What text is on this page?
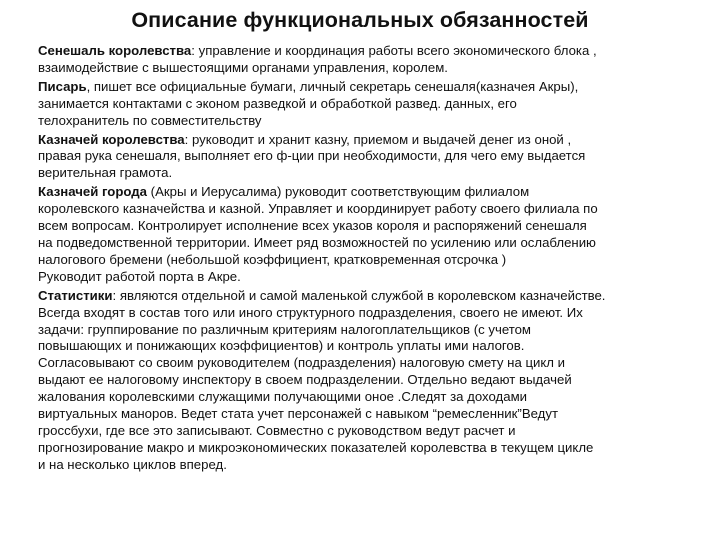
Описание функциональных обязанностей
Сенешаль королевства: управление и координация работы всего экономического блока ,
взаимодействие с вышестоящими органами управления, королем.
Писарь, пишет все официальные бумаги, личный секретарь сенешаля(казначея Акры),
занимается контактами с эконом разведкой и обработкой развед. данных, его
телохранитель по совместительству
Казначей королевства: руководит и хранит казну, приемом и выдачей денег из оной ,
правая рука сенешаля, выполняет его ф-ции при необходимости, для чего ему выдается
верительная грамота.
Казначей города (Акры и Иерусалима) руководит соответствующим филиалом
королевского казначейства и казной. Управляет и координирует работу своего филиала по
всем вопросам. Контролирует исполнение всех указов короля и распоряжений сенешаля
на подведомственной территории. Имеет ряд возможностей по усилению или ослаблению
налогового бремени (небольшой коэффициент, кратковременная отсрочка )
Руководит работой порта в Акре.
Статистики: являются отдельной и самой маленькой службой в королевском казначействе.
Всегда входят в состав того или иного структурного подразделения, своего не имеют. Их
задачи: группирование по различным критериям налогоплательщиков (с учетом
повышающих и понижающих коэффициентов) и контроль уплаты ими налогов.
Согласовывают со своим руководителем (подразделения) налоговую смету на цикл и
выдают ее налоговому инспектору в своем подразделении. Отдельно ведают выдачей
жалования королевскими служащими получающими оное .Следят за доходами
виртуальных маноров. Ведет стата учет персонажей с навыком “ремесленник”Ведут
гроссбухи, где все это записывают. Совместно с руководством ведут расчет и
прогнозирование макро и микроэкономических показателей королевства в текущем цикле
и на несколько циклов вперед.
